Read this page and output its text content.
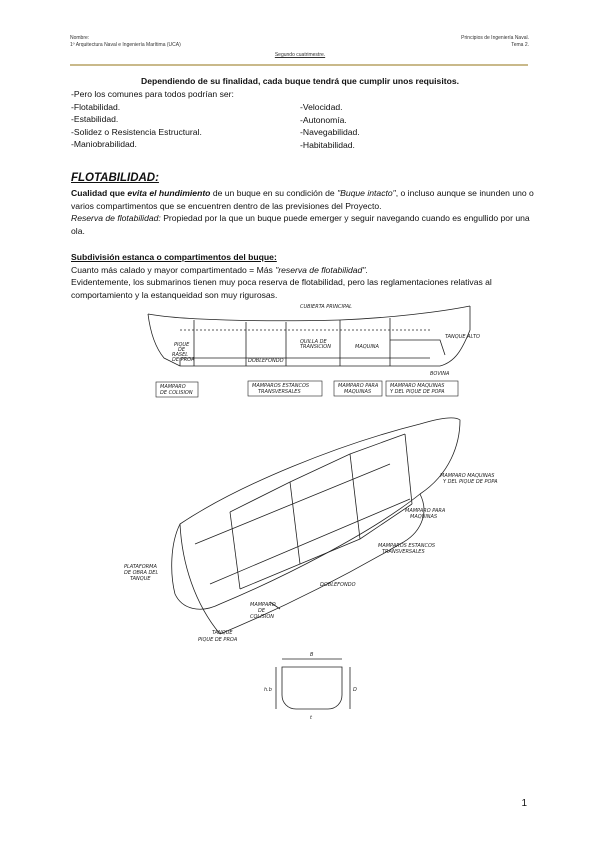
Nombre:
1º Arquitectura Naval e Ingeniería Marítima (UCA)
Principios de Ingeniería Naval.
Tema 2.
Segundo cuatrimestre.
Dependiendo de su finalidad, cada buque tendrá que cumplir unos requisitos.
-Pero los comunes para todos podrían ser:
-Flotabilidad.
-Estabilidad.
-Solidez o Resistencia Estructural.
-Maniobrabilidad.
-Velocidad.
-Autonomía.
-Navegabilidad.
-Habitabilidad.
FLOTABILIDAD:
Cualidad que evita el hundimiento de un buque en su condición de "Buque intacto", o incluso aunque se inunden uno o varios compartimentos que se encuentren dentro de las previsiones del Proyecto.
Reserva de flotabilidad: Propiedad por la que un buque puede emerger y seguir navegando cuando es engullido por una ola.
Subdivisión estanca o compartimentos del buque:
Cuanto más calado y mayor compartimentado = Más "reserva de flotabilidad".
Evidentemente, los submarinos tienen muy poca reserva de flotabilidad, pero las reglamentaciones relativas al comportamiento y la estanqueidad son muy rigurosas.
CUBIERTA PRINCIPAL
PIQUE
DE
RASEL
DE PROA	DOBLEFONDO
QUILLA DE
TRANSICION	MAQUINA
TANQUE ALTO
BOVINA
MAMPARO
DE COLISION
MAMPAROS ESTANCOS
TRANSVERSALES
MAMPARO PARA
MAQUINAS
MAMPARO MAQUINAS
Y DEL PIQUE DE POPA
MAMPARO MAQUINAS
Y DEL PIQUE DE POPA
MAMPARO PARA
MAQUINAS
MAMPAROS ESTANCOS
TRANSVERSALES
PLATAFORMA
DE OBRA DEL
TANQUE
DOBLEFONDO
MAMPARO
DE
COLISION
TANQUE
PIQUE DE PROA
B
h.b	D
t
1
